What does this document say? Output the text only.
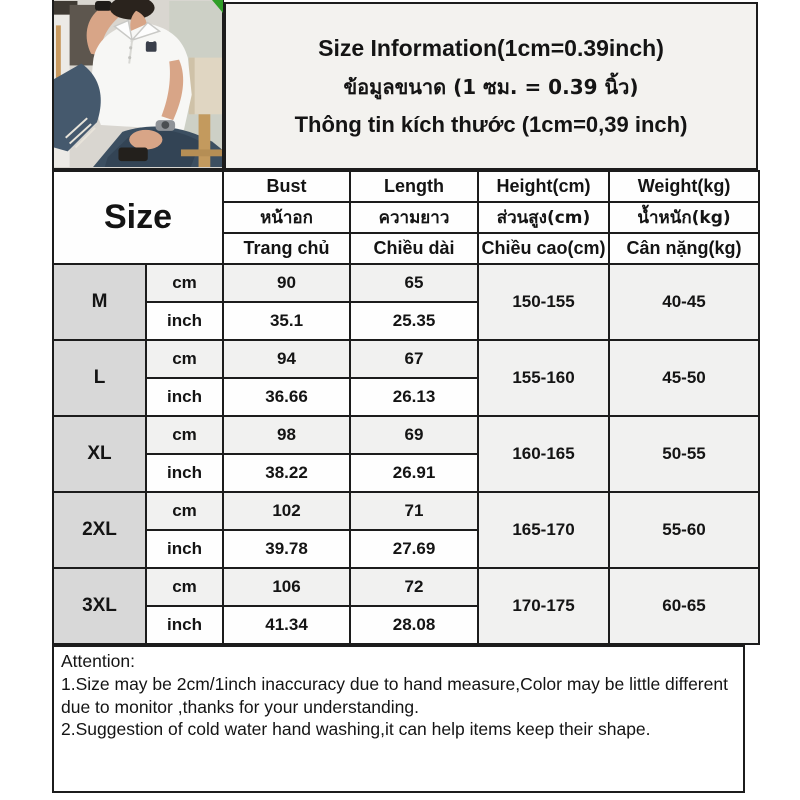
Size Information(1cm=0.39inch)
ข้อมูลขนาด (1 ซม. = 0.39 นิ้ว)
Thông tin kích thước (1cm=0,39 inch)
Size		Bust	Length	Height(cm)	Weight(kg)
		หน้าอก	ความยาว	ส่วนสูง(cm)	น้ำหนัก(kg)
		Trang chủ	Chiều dài	Chiều cao(cm)	Cân nặng(kg)
M	cm	90	65	150-155	40-45
	inch	35.1	25.35		
L	cm	94	67	155-160	45-50
	inch	36.66	26.13		
XL	cm	98	69	160-165	50-55
	inch	38.22	26.91		
2XL	cm	102	71	165-170	55-60
	inch	39.78	27.69		
3XL	cm	106	72	170-175	60-65
	inch	41.34	28.08		
Attention:
1.Size may be 2cm/1inch inaccuracy due to hand measure,Color may be little different due to monitor ,thanks for your understanding.
2.Suggestion of cold water hand washing,it can help items keep their shape.
